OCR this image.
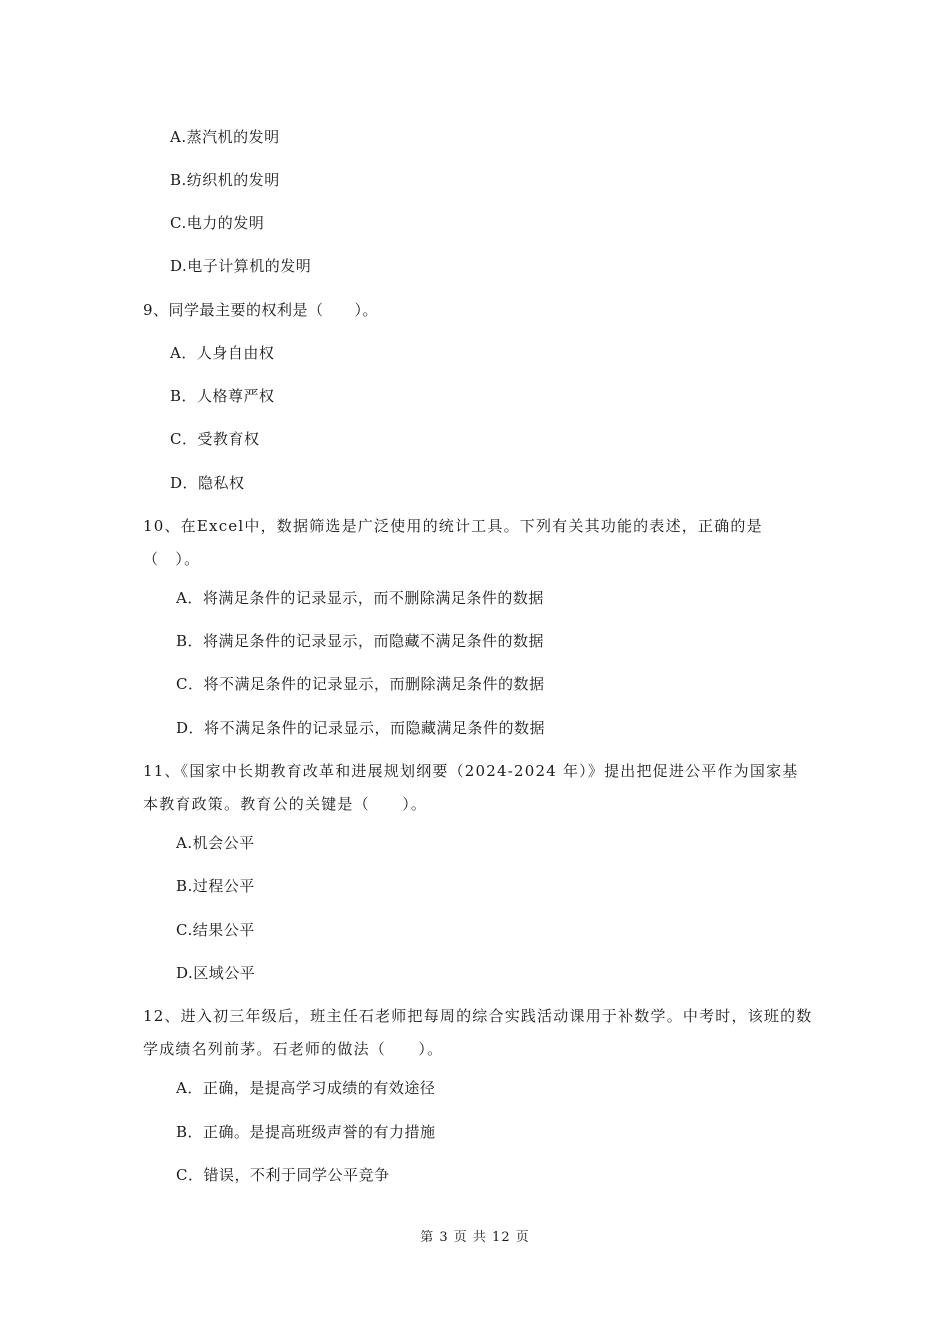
A.蒸汽机的发明
B.纺织机的发明
C.电力的发明
D.电子计算机的发明
9、同学最主要的权利是（　　）。
A．人身自由权
B．人格尊严权
C．受教育权
D．隐私权
10、在Excel中，数据筛选是广泛使用的统计工具。下列有关其功能的表述，正确的是（　）。
A．将满足条件的记录显示，而不删除满足条件的数据
B．将满足条件的记录显示，而隐藏不满足条件的数据
C．将不满足条件的记录显示，而删除满足条件的数据
D．将不满足条件的记录显示，而隐藏满足条件的数据
11、《国家中长期教育改革和进展规划纲要（2024-2024 年）》提出把促进公平作为国家基本教育政策。教育公的关键是（　　）。
A.机会公平
B.过程公平
C.结果公平
D.区域公平
12、进入初三年级后，班主任石老师把每周的综合实践活动课用于补数学。中考时，该班的数学成绩名列前茅。石老师的做法（　　）。
A．正确，是提高学习成绩的有效途径
B．正确。是提高班级声誉的有力措施
C．错误，不利于同学公平竞争
第 3 页 共 12 页
